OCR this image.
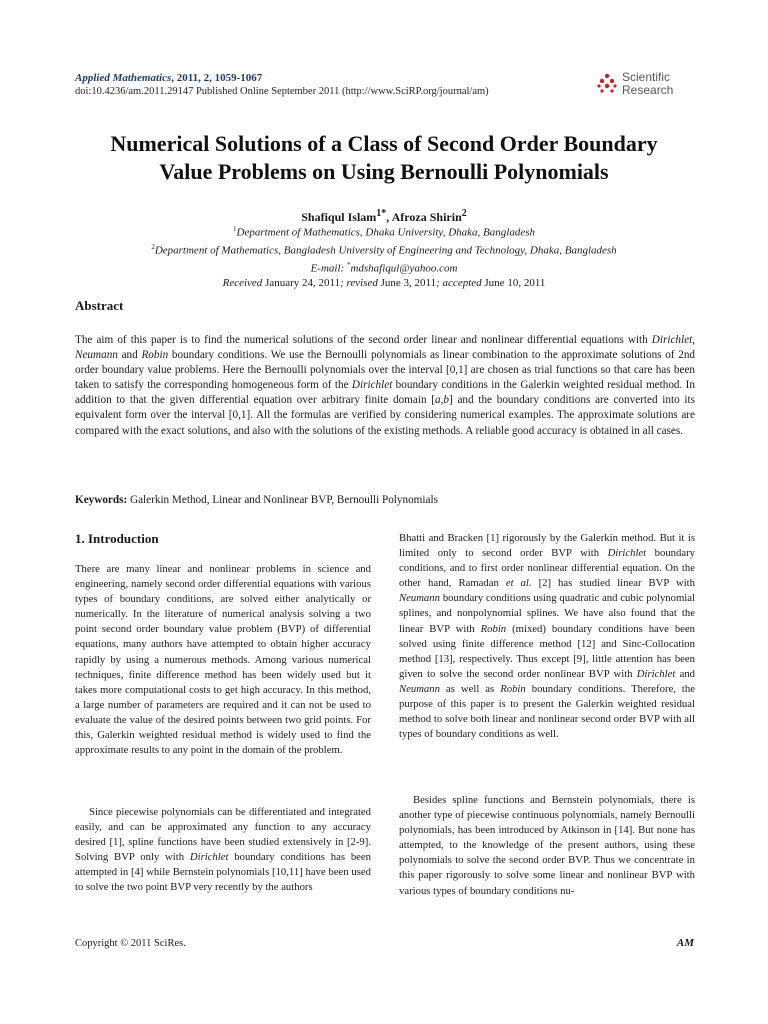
Applied Mathematics, 2011, 2, 1059-1067
doi:10.4236/am.2011.29147 Published Online September 2011 (http://www.SciRP.org/journal/am)
Scientific
Research
Numerical Solutions of a Class of Second Order Boundary
Value Problems on Using Bernoulli Polynomials
Shafiqul Islam$^{1*}$, Afroza Shirin$^2$
$^1$Department of Mathematics, Dhaka University, Dhaka, Bangladesh
$^2$Department of Mathematics, Bangladesh University of Engineering and Technology, Dhaka, Bangladesh
E-mail: *mdshafiqul@yahoo.com
Received January 24, 2011; revised June 3, 2011; accepted June 10, 2011
Abstract
The aim of this paper is to find the numerical solutions of the second order linear and nonlinear differential equations with Dirichlet, Neumann and Robin boundary conditions. We use the Bernoulli polynomials as linear combination to the approximate solutions of 2nd order boundary value problems. Here the Bernoulli polynomials over the interval [0,1] are chosen as trial functions so that care has been taken to satisfy the corresponding homogeneous form of the Dirichlet boundary conditions in the Galerkin weighted residual method. In addition to that the given differential equation over arbitrary finite domain [a,b] and the boundary conditions are converted into its equivalent form over the interval [0,1]. All the formulas are verified by considering numerical examples. The approximate solutions are compared with the exact solutions, and also with the solutions of the existing methods. A reliable good accuracy is obtained in all cases.
Keywords: Galerkin Method, Linear and Nonlinear BVP, Bernoulli Polynomials
1. Introduction

There are many linear and nonlinear problems in science and engineering, namely second order differential equations with various types of boundary conditions, are solved either analytically or numerically. In the literature of numerical analysis solving a two point second order boundary value problem (BVP) of differential equations, many authors have attempted to obtain higher accuracy rapidly by using a numerous methods. Among various numerical techniques, finite difference method has been widely used but it takes more computational costs to get high accuracy. In this method, a large number of parameters are required and it can not be used to evaluate the value of the desired points between two grid points. For this, Galerkin weighted residual method is widely used to find the approximate results to any point in the domain of the problem.

Since piecewise polynomials can be differentiated and integrated easily, and can be approximated any function to any accuracy desired [1], spline functions have been studied extensively in [2-9]. Solving BVP only with Dirichlet boundary conditions has been attempted in [4] while Bernstein polynomials [10,11] have been used to solve the two point BVP very recently by the authors

Bhatti and Bracken [1] rigorously by the Galerkin method. But it is limited only to second order BVP with Dirichlet boundary conditions, and to first order nonlinear differential equation. On the other hand, Ramadan et al. [2] has studied linear BVP with Neumann boundary conditions using quadratic and cubic polynomial splines, and nonpolynomial splines. We have also found that the linear BVP with Robin (mixed) boundary conditions have been solved using finite difference method [12] and Sinc-Collocation method [13], respectively. Thus except [9], little attention has been given to solve the second order nonlinear BVP with Dirichlet and Neumann as well as Robin boundary conditions. Therefore, the purpose of this paper is to present the Galerkin weighted residual method to solve both linear and nonlinear second order BVP with all types of boundary conditions as well.

Besides spline functions and Bernstein polynomials, there is another type of piecewise continuous polynomials, namely Bernoulli polynomials, has been introduced by Atkinson in [14]. But none has attempted, to the knowledge of the present authors, using these polynomials to solve the second order BVP. Thus we concentrate in this paper rigorously to solve some linear and nonlinear BVP with various types of boundary conditions nu-

Copyright © 2011 SciRes.	AM
